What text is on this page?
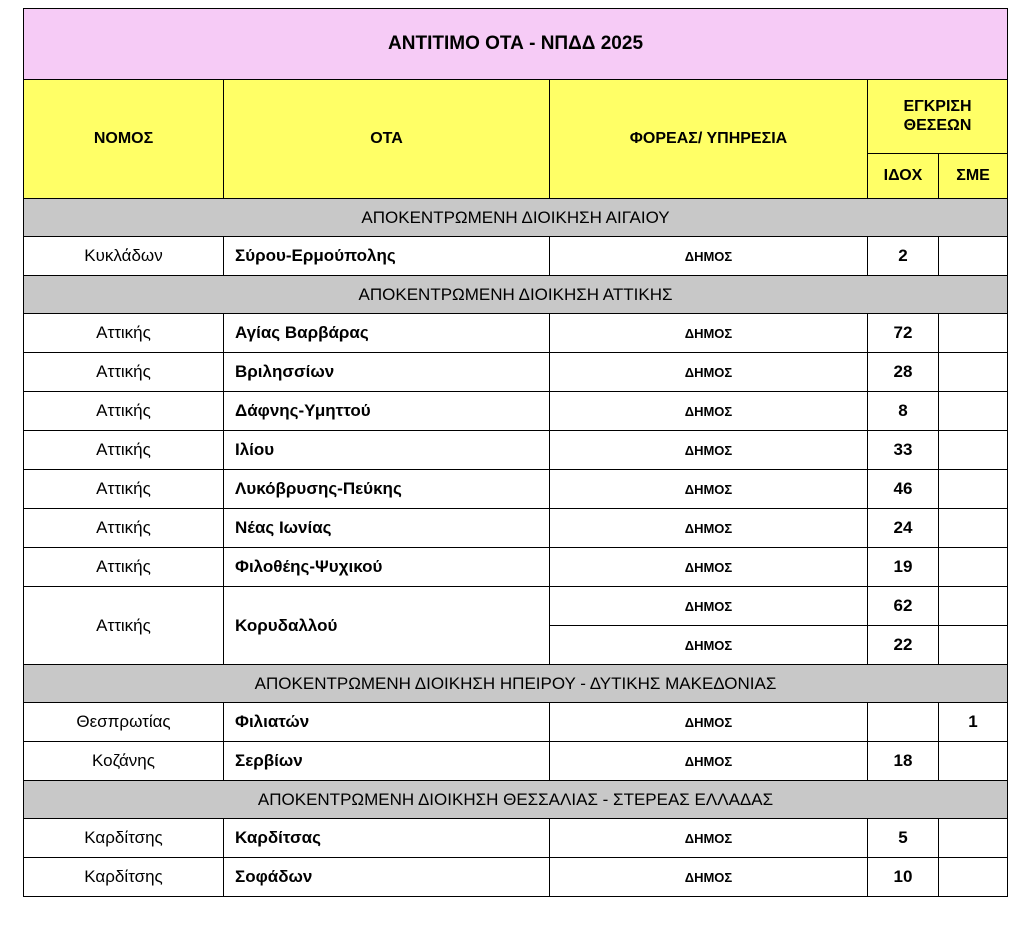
ΑΝΤΙΤΙΜΟ ΟΤΑ - ΝΠΔΔ 2025				
ΝΟΜΟΣ	ΟΤΑ	ΦΟΡΕΑΣ/ ΥΠΗΡΕΣΙΑ	ΕΓΚΡΙΣΗ ΘΕΣΕΩΝ	
			ΙΔΟΧ	ΣΜΕ
ΑΠΟΚΕΝΤΡΩΜΕΝΗ ΔΙΟΙΚΗΣΗ ΑΙΓΑΙΟΥ				
Κυκλάδων	Σύρου-Ερμούπολης	ΔΗΜΟΣ	2	
ΑΠΟΚΕΝΤΡΩΜΕΝΗ ΔΙΟΙΚΗΣΗ ΑΤΤΙΚΗΣ				
Αττικής	Αγίας Βαρβάρας	ΔΗΜΟΣ	72	
Αττικής	Βριλησσίων	ΔΗΜΟΣ	28	
Αττικής	Δάφνης-Υμηττού	ΔΗΜΟΣ	8	
Αττικής	Ιλίου	ΔΗΜΟΣ	33	
Αττικής	Λυκόβρυσης-Πεύκης	ΔΗΜΟΣ	46	
Αττικής	Νέας Ιωνίας	ΔΗΜΟΣ	24	
Αττικής	Φιλοθέης-Ψυχικού	ΔΗΜΟΣ	19	
Αττικής	Κορυδαλλού	ΔΗΜΟΣ	62	
		ΔΗΜΟΣ	22	
ΑΠΟΚΕΝΤΡΩΜΕΝΗ ΔΙΟΙΚΗΣΗ ΗΠΕΙΡΟΥ - ΔΥΤΙΚΗΣ ΜΑΚΕΔΟΝΙΑΣ				
Θεσπρωτίας	Φιλιατών	ΔΗΜΟΣ		1
Κοζάνης	Σερβίων	ΔΗΜΟΣ	18	
ΑΠΟΚΕΝΤΡΩΜΕΝΗ ΔΙΟΙΚΗΣΗ ΘΕΣΣΑΛΙΑΣ - ΣΤΕΡΕΑΣ ΕΛΛΑΔΑΣ				
Καρδίτσης	Καρδίτσας	ΔΗΜΟΣ	5	
Καρδίτσης	Σοφάδων	ΔΗΜΟΣ	10	
